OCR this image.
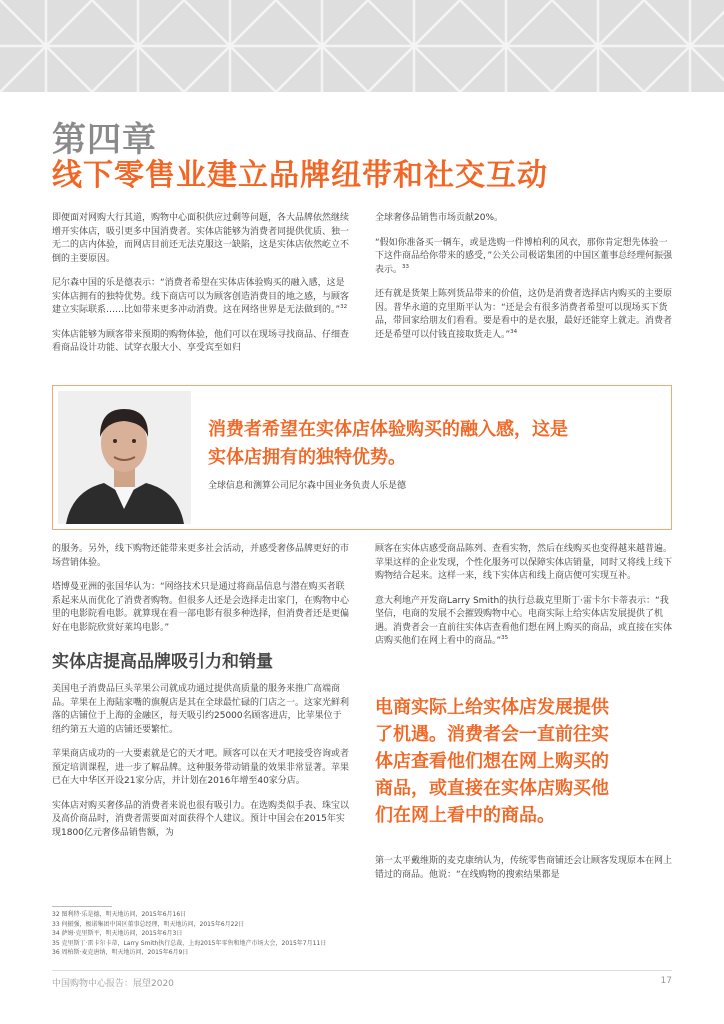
第四章
线下零售业建立品牌纽带和社交互动

即便面对网购大行其道，购物中心面积供应过剩等问题，各大品牌依然继续增开实体店，吸引更多中国消费者。实体店能够为消费者同提供优质、独一无二的店内体验，而网店目前还无法克服这一缺陷，这是实体店依然屹立不倒的主要原因。

尼尔森中国的乐是德表示：“消费者希望在实体店体验购买的融入感，这是实体店拥有的独特优势。线下商店可以为顾客创造消费目的地之感，与顾客建立实际联系……比如带来更多冲动消费。这在网络世界是无法做到的。”$^{32}$

实体店能够为顾客带来预期的购物体验，他们可以在现场寻找商品、仔细查看商品设计功能、试穿衣服大小、享受宾至如归

全球奢侈品销售市场贡献20%。

“假如你准备买一辆车，或是选购一件博柏利的风衣，那你肯定想先体验一下这件商品给你带来的感受，”公关公司极诺集团的中国区董事总经理何振强表示。$^{33}$

还有就是货架上陈列货品带来的价值，这仍是消费者选择店内购买的主要原因。普华永道的克里斯平认为：“还是会有很多消费者希望可以现场买下货品，带回家给朋友们看看。要是看中的是衣服，最好还能穿上就走。消费者还是希望可以付钱直接取货走人。”$^{34}$

消费者希望在实体店体验购买的融入感，这是
实体店拥有的独特优势。
全球信息和测算公司尼尔森中国业务负责人乐是德

的服务。另外，线下购物还能带来更多社会活动，并感受奢侈品牌更好的市场营销体验。

塔博曼亚洲的张国华认为：“网络技术只是通过将商品信息与潜在购买者联系起来从而优化了消费者购物。但很多人还是会选择走出家门，在购物中心里的电影院看电影。就算现在看一部电影有很多种选择，但消费者还是更偏好在电影院欣赏好莱坞电影。”

实体店提高品牌吸引力和销量

美国电子消费品巨头苹果公司就成功通过提供高质量的服务来推广高端商品。苹果在上海陆家嘴的旗舰店是其在全球最忙碌的门店之一。这家光鲜利落的店铺位于上海的金融区，每天吸引约25000名顾客进店，比苹果位于纽约第五大道的店铺还要繁忙。

苹果商店成功的一大要素就是它的天才吧。顾客可以在天才吧接受咨询或者预定培训课程，进一步了解品牌。这种服务带动销量的效果非常显著。苹果已在大中华区开设21家分店，并计划在2016年增至40家分店。

实体店对购买奢侈品的消费者来说也很有吸引力。在选购类似手表、珠宝以及高价商品时，消费者需要面对面获得个人建议。预计中国会在2015年实现1800亿元奢侈品销售额，为

顾客在实体店感受商品陈列、查看实物，然后在线购买也变得越来越普遍。苹果这样的企业发现，个性化服务可以保障实体店销量，同时又将线上线下购物结合起来。这样一来，线下实体店和线上商店便可实现互补。

意大利地产开发商Larry Smith的执行总裁克里斯丁·雷卡尔卡蒂表示：“我坚信，电商的发展不会摧毁购物中心。电商实际上给实体店发展提供了机遇。消费者会一直前往实体店查看他们想在网上购买的商品，或直接在实体店购买他们在网上看中的商品。”$^{35}$

电商实际上给实体店发展提供
了机遇。消费者会一直前往实
体店查看他们想在网上购买的
商品，或直接在实体店购买他
们在网上看中的商品。

第一太平戴维斯的麦克康纳认为，传统零售商铺还会让顾客发现原本在网上错过的商品。他说：“在线购物的搜索结果都是

32 图利特·乐是德，明天地访问，2015年6月16日
33 何振强，极诺集团中国区董事总经理，明天地访问，2015年6月22日
34 萨姆·克里斯平，明天地访问，2015年6月3日
35 克里斯丁·雷卡尔卡蒂，Larry Smith执行总裁，上海2015年零售和地产市场大会，2015年7月11日
36 周柏斯·麦克唐纳，明天地访问，2015年6月9日
中国购物中心报告：展望2020	17
